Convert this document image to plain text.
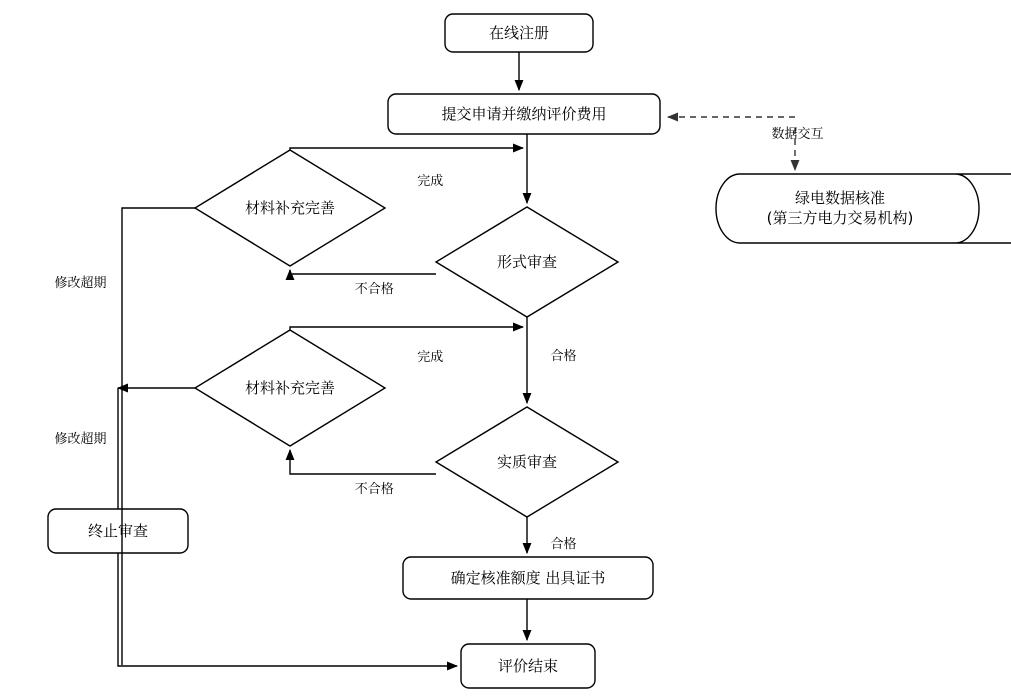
在线注册
提交申请并缴纳评价费用
材料补充完善
形式审查
材料补充完善
实质审查
终止审查
确定核准额度 出具证书
评价结束
绿电数据核准
(第三方电力交易机构)

完成

不合格

合格

完成

不合格

合格

修改超期

修改超期

数据交互
